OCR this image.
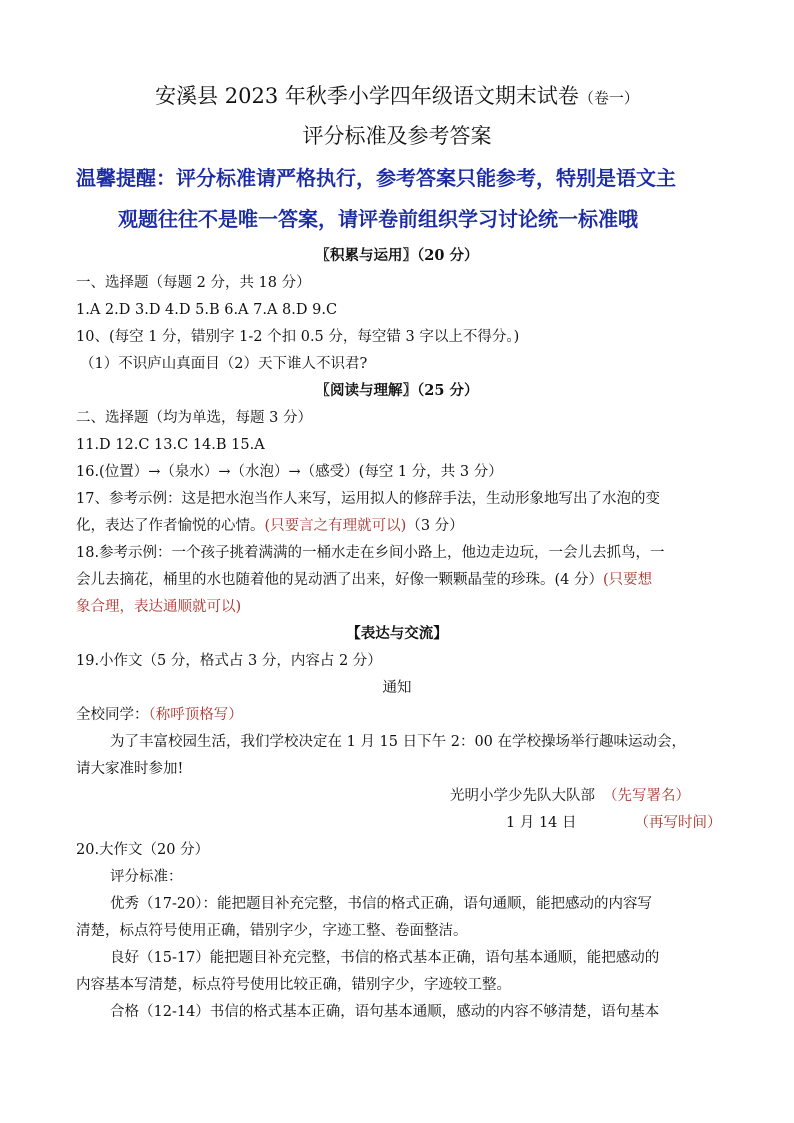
安溪县 2023 年秋季小学四年级语文期末试卷（卷一）
评分标准及参考答案
温馨提醒：评分标准请严格执行，参考答案只能参考，特别是语文主
观题往往不是唯一答案，请评卷前组织学习讨论统一标准哦
〖积累与运用〗（20 分）
一、选择题（每题 2 分，共 18 分）
1.A 2.D 3.D 4.D 5.B 6.A 7.A 8.D 9.C
10、(每空 1 分，错别字 1-2 个扣 0.5 分，每空错 3 字以上不得分。)
（1）不识庐山真面目（2）天下谁人不识君?
〖阅读与理解〗（25 分）
二、选择题（均为单选，每题 3 分）
11.D 12.C 13.C 14.B 15.A
16.(位置）→（泉水）→（水泡）→（感受）(每空 1 分，共 3 分）
17、参考示例：这是把水泡当作人来写，运用拟人的修辞手法，生动形象地写出了水泡的变
化，表达了作者愉悦的心情。(只要言之有理就可以)（3 分）
18.参考示例：一个孩子挑着满满的一桶水走在乡间小路上，他边走边玩，一会儿去抓鸟，一
会儿去摘花，桶里的水也随着他的晃动洒了出来，好像一颗颗晶莹的珍珠。(4 分）(只要想
象合理，表达通顺就可以)
【表达与交流】
19.小作文（5 分，格式占 3 分，内容占 2 分）
通知
全校同学：（称呼顶格写）
为了丰富校园生活，我们学校决定在 1 月 15 日下午 2：00 在学校操场举行趣味运动会，
请大家准时参加!
光明小学少先队大队部 （先写署名）
1 月 14 日	（再写时间）
20.大作文（20 分）
评分标准：
优秀（17-20）：能把题目补充完整，书信的格式正确，语句通顺，能把感动的内容写
清楚，标点符号使用正确，错别字少，字迹工整、卷面整洁。
良好（15-17）能把题目补充完整，书信的格式基本正确，语句基本通顺，能把感动的
内容基本写清楚，标点符号使用比较正确，错别字少，字迹较工整。
合格（12-14）书信的格式基本正确，语句基本通顺，感动的内容不够清楚，语句基本
